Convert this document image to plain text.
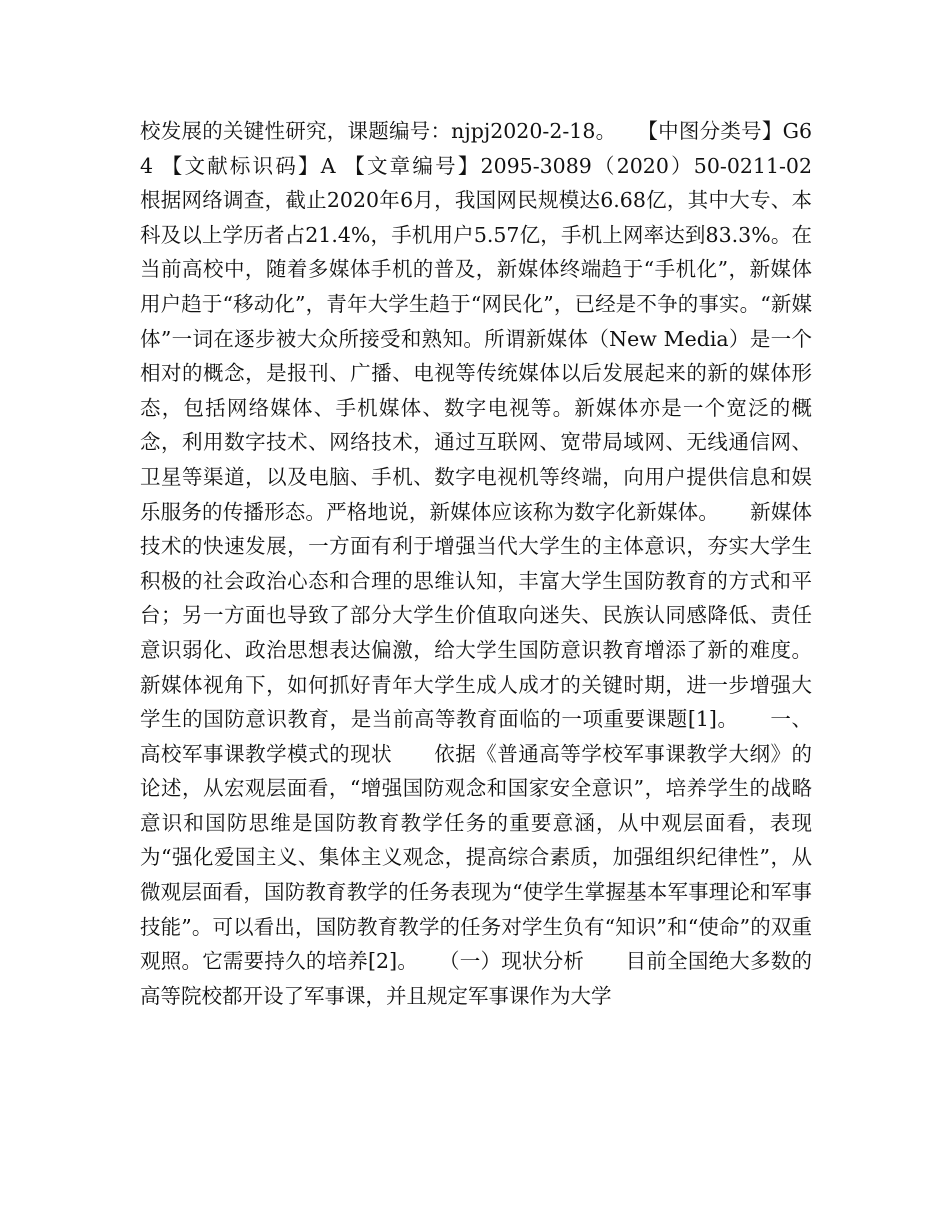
校发展的关键性研究，课题编号：njpj2020-2-18。　　【中图分类号】G64 【文献标识码】A 【文章编号】2095-3089（2020）50-0211-02　　根据网络调查，截止2020年6月，我国网民规模达6.68亿，其中大专、本科及以上学历者占21.4%，手机用户5.57亿，手机上网率达到83.3%。在当前高校中，随着多媒体手机的普及，新媒体终端趋于“手机化”，新媒体用户趋于“移动化”，青年大学生趋于“网民化”，已经是不争的事实。“新媒体”一词在逐步被大众所接受和熟知。所谓新媒体（New Media）是一个相对的概念，是报刊、广播、电视等传统媒体以后发展起来的新的媒体形态，包括网络媒体、手机媒体、数字电视等。新媒体亦是一个宽泛的概念，利用数字技术、网络技术，通过互联网、宽带局域网、无线通信网、卫星等渠道，以及电脑、手机、数字电视机等终端，向用户提供信息和娱乐服务的传播形态。严格地说，新媒体应该称为数字化新媒体。　　新媒体技术的快速发展，一方面有利于增强当代大学生的主体意识，夯实大学生积极的社会政治心态和合理的思维认知，丰富大学生国防教育的方式和平台；另一方面也导致了部分大学生价值取向迷失、民族认同感降低、责任意识弱化、政治思想表达偏激，给大学生国防意识教育增添了新的难度。新媒体视角下，如何抓好青年大学生成人成才的关键时期，进一步增强大学生的国防意识教育，是当前高等教育面临的一项重要课题[1]。　　一、高校军事课教学模式的现状　　依据《普通高等学校军事课教学大纲》的论述，从宏观层面看，“增强国防观念和国家安全意识”，培养学生的战略意识和国防思维是国防教育教学任务的重要意涵，从中观层面看，表现为“强化爱国主义、集体主义观念，提高综合素质，加强组织纪律性”，从微观层面看，国防教育教学的任务表现为“使学生掌握基本军事理论和军事技能”。可以看出，国防教育教学的任务对学生负有“知识”和“使命”的双重观照。它需要持久的培养[2]。　　（一）现状分析　　目前全国绝大多数的高等院校都开设了军事课，并且规定军事课作为大学
